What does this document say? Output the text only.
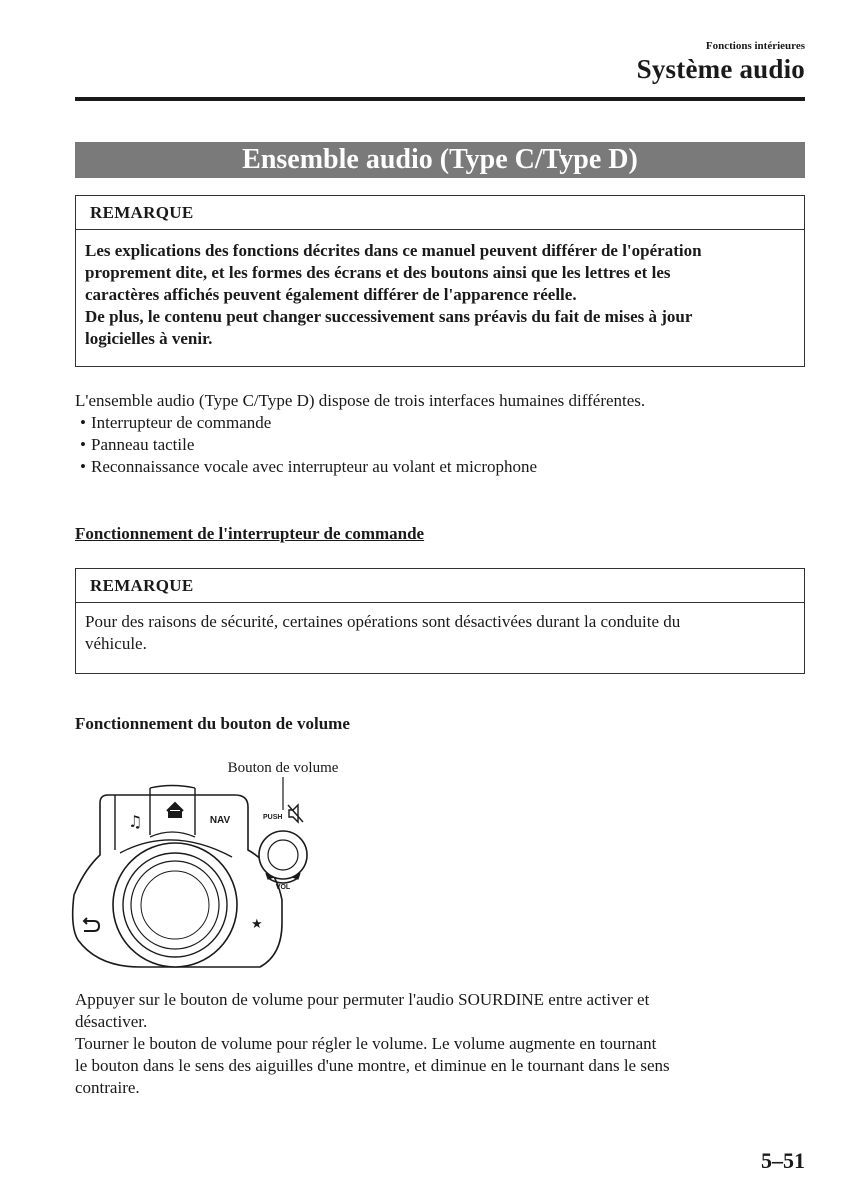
Fonctions intérieures
Système audio
Ensemble audio (Type C/Type D)
REMARQUE
Les explications des fonctions décrites dans ce manuel peuvent différer de l'opération
proprement dite, et les formes des écrans et des boutons ainsi que les lettres et les
caractères affichés peuvent également différer de l'apparence réelle.
De plus, le contenu peut changer successivement sans préavis du fait de mises à jour
logicielles à venir.
L'ensemble audio (Type C/Type D) dispose de trois interfaces humaines différentes.
• Interrupteur de commande
• Panneau tactile
• Reconnaissance vocale avec interrupteur au volant et microphone
Fonctionnement de l'interrupteur de commande
REMARQUE
Pour des raisons de sécurité, certaines opérations sont désactivées durant la conduite du
véhicule.
Fonctionnement du bouton de volume
Bouton de volume
♫	NAV
★
PUSH
VOL
Appuyer sur le bouton de volume pour permuter l'audio SOURDINE entre activer et
désactiver.
Tourner le bouton de volume pour régler le volume. Le volume augmente en tournant
le bouton dans le sens des aiguilles d'une montre, et diminue en le tournant dans le sens
contraire.
5–51
